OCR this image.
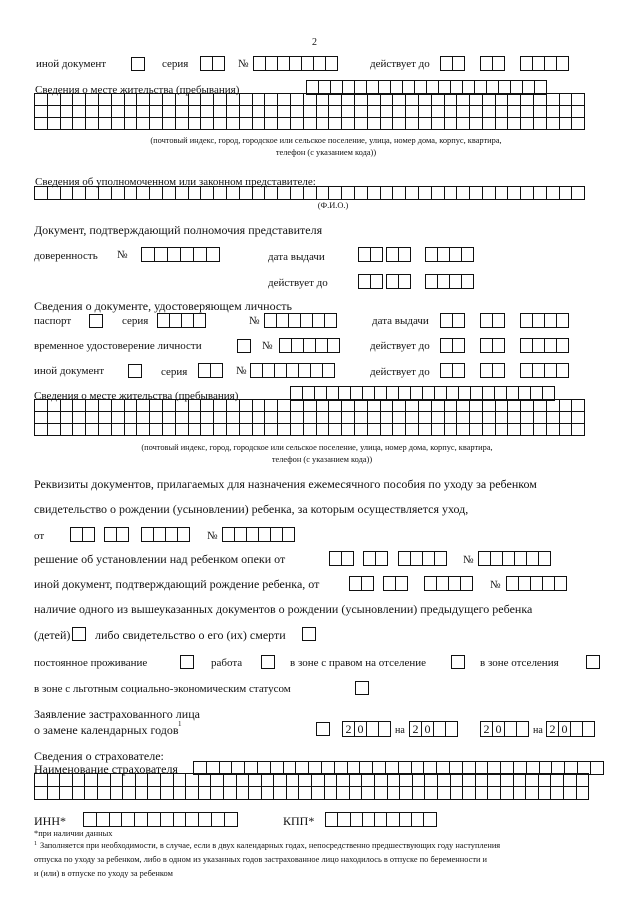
2
иной документ	серия	№	действует до
Сведения о месте жительства (пребывания)
(почтовый индекс, город, городское или сельское поселение, улица, номер дома, корпус, квартира,
телефон (с указанием кода))
Сведения об уполномоченном или законном представителе:
(Ф.И.О.)
Документ, подтверждающий полномочия представителя
доверенность №	дата выдачи
действует до
Сведения о документе, удостоверяющем личность
паспорт	серия	№	дата выдачи
временное удостоверение личности	№	действует до
иной документ	серия	№	действует до
Сведения о месте жительства (пребывания)
(почтовый индекс, город, городское или сельское поселение, улица, номер дома, корпус, квартира,
телефон (с указанием кода))
Реквизиты документов, прилагаемых для назначения ежемесячного пособия по уходу за ребенком
свидетельство о рождении (усыновлении) ребенка, за которым осуществляется уход,
от	№
решение об установлении над ребенком опеки от	№
иной документ, подтверждающий рождение ребенка, от	№
наличие одного из вышеуказанных документов о рождении (усыновлении) предыдущего ребенка
(детей) либо свидетельство о его (их) смерти
постоянное проживание	работа	в зоне с правом на отселение	в зоне отселения
в зоне с льготным социально-экономическим статусом
Заявление застрахованного лица
о замене календарных годов 1	2 0	на 2 0	2 0	на 2 0
Сведения о страхователе:
Наименование страхователя
ИНН*	КПП*
*при наличии данных
1 Заполняется при необходимости, в случае, если в двух календарных годах, непосредственно предшествующих году наступления
отпуска по уходу за ребенком, либо в одном из указанных годов застрахованное лицо находилось в отпуске по беременности и
и (или) в отпуске по уходу за ребенком
